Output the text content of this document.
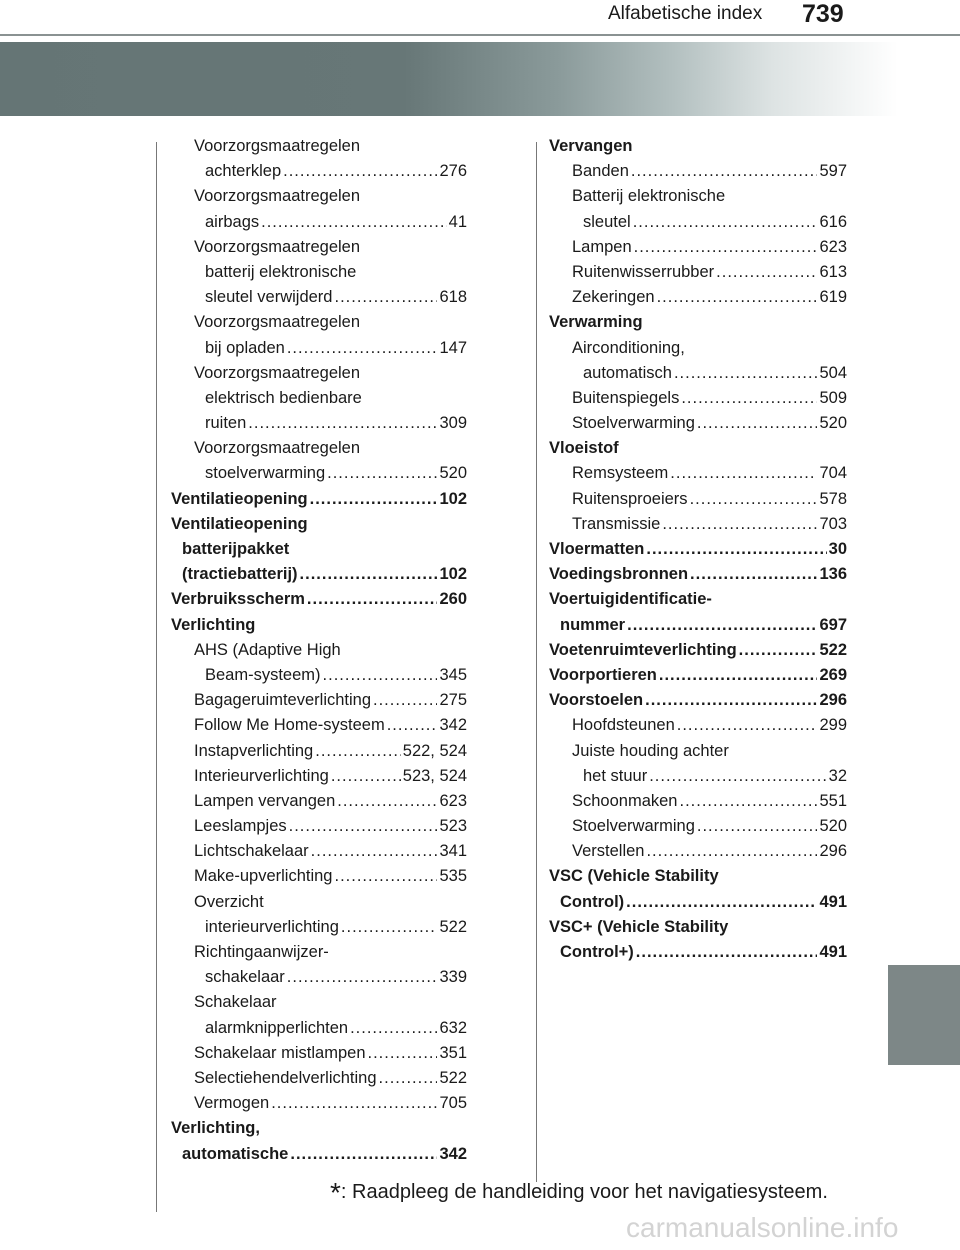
Alfabetische index 739
Voorzorgsmaatregelen
achterklep .....	276
Voorzorgsmaatregelen
airbags .....	41
Voorzorgsmaatregelen
batterij elektronische
sleutel verwijderd .....	618
Voorzorgsmaatregelen
bij opladen .....	147
Voorzorgsmaatregelen
elektrisch bedienbare
ruiten .....	309
Voorzorgsmaatregelen
stoelverwarming .....	520
Ventilatieopening .....	102
Ventilatieopening
batterijpakket
(tractiebatterij) .....	102
Verbruiksscherm .....	260
Verlichting
AHS (Adaptive High
Beam-systeem) .....	345
Bagageruimteverlichting .....	275
Follow Me Home-systeem .....	342
Instapverlichting .....	522, 524
Interieurverlichting .....	523, 524
Lampen vervangen .....	623
Leeslampjes .....	523
Lichtschakelaar .....	341
Make-upverlichting .....	535
Overzicht
interieurverlichting .....	522
Richtingaanwijzer-
schakelaar .....	339
Schakelaar
alarmknipperlichten .....	632
Schakelaar mistlampen .....	351
Selectiehendelverlichting .....	522
Vermogen .....	705
Verlichting,
automatische .....	342
Vervangen
Banden .....	597
Batterij elektronische
sleutel .....	616
Lampen .....	623
Ruitenwisserrubber .....	613
Zekeringen .....	619
Verwarming
Airconditioning,
automatisch .....	504
Buitenspiegels .....	509
Stoelverwarming .....	520
Vloeistof
Remsysteem .....	704
Ruitensproeiers .....	578
Transmissie .....	703
Vloermatten .....	30
Voedingsbronnen .....	136
Voertuigidentificatie-
nummer .....	697
Voetenruimteverlichting .....	522
Voorportieren .....	269
Voorstoelen .....	296
Hoofdsteunen .....	299
Juiste houding achter
het stuur .....	32
Schoonmaken .....	551
Stoelverwarming .....	520
Verstellen .....	296
VSC (Vehicle Stability
Control) .....	491
VSC+ (Vehicle Stability
Control+) .....	491
*: Raadpleeg de handleiding voor het navigatiesysteem.
carmanualsonline.info
